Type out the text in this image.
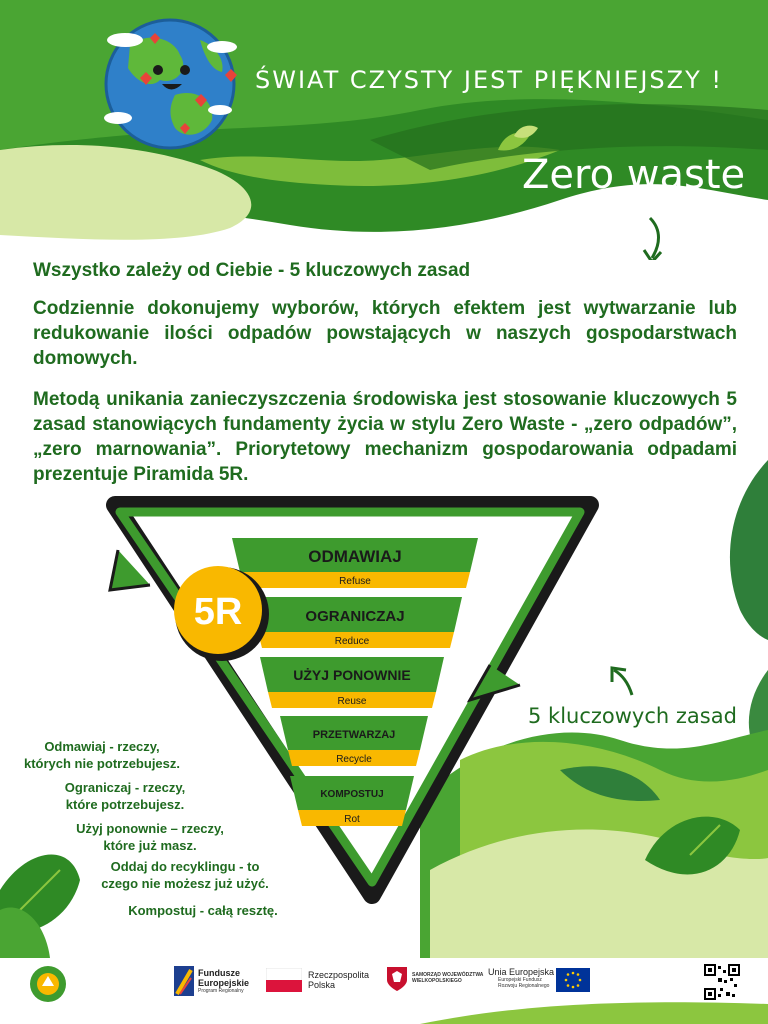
ŚWIAT CZYSTY JEST PIĘKNIEJSZY !
Zero waste
Wszystko zależy od Ciebie - 5 kluczowych zasad

Codziennie dokonujemy wyborów, których efektem jest wytwarzanie lub redukowanie ilości odpadów powstających w naszych gospodarstwach domowych.

Metodą unikania zanieczyszczenia środowiska jest stosowanie kluczowych 5 zasad stanowiących fundamenty życia w stylu Zero Waste - „zero odpadów”, „zero marnowania”. Priorytetowy mechanizm gospodarowania odpadami prezentuje Piramida 5R.

ODMAWIAJ
Refuse
OGRANICZAJ
Reduce
UŻYJ PONOWNIE
Reuse
PRZETWARZAJ
Recycle
KOMPOSTUJ
Rot
5R
5 kluczowych zasad

Odmawiaj - rzeczy,

których nie potrzebujesz.

Ograniczaj - rzeczy,

które potrzebujesz.

Użyj ponownie – rzeczy,

które już masz.

Oddaj do recyklingu - to

czego nie możesz już użyć.

Kompostuj - całą resztę.

Fundusze
Europejskie
Program Regionalny
Rzeczpospolita
Polska
SAMORZĄD WOJEWÓDZTWA
WIELKOPOLSKIEGO
Unia Europejska
Europejski Fundusz
Rozwoju Regionalnego
